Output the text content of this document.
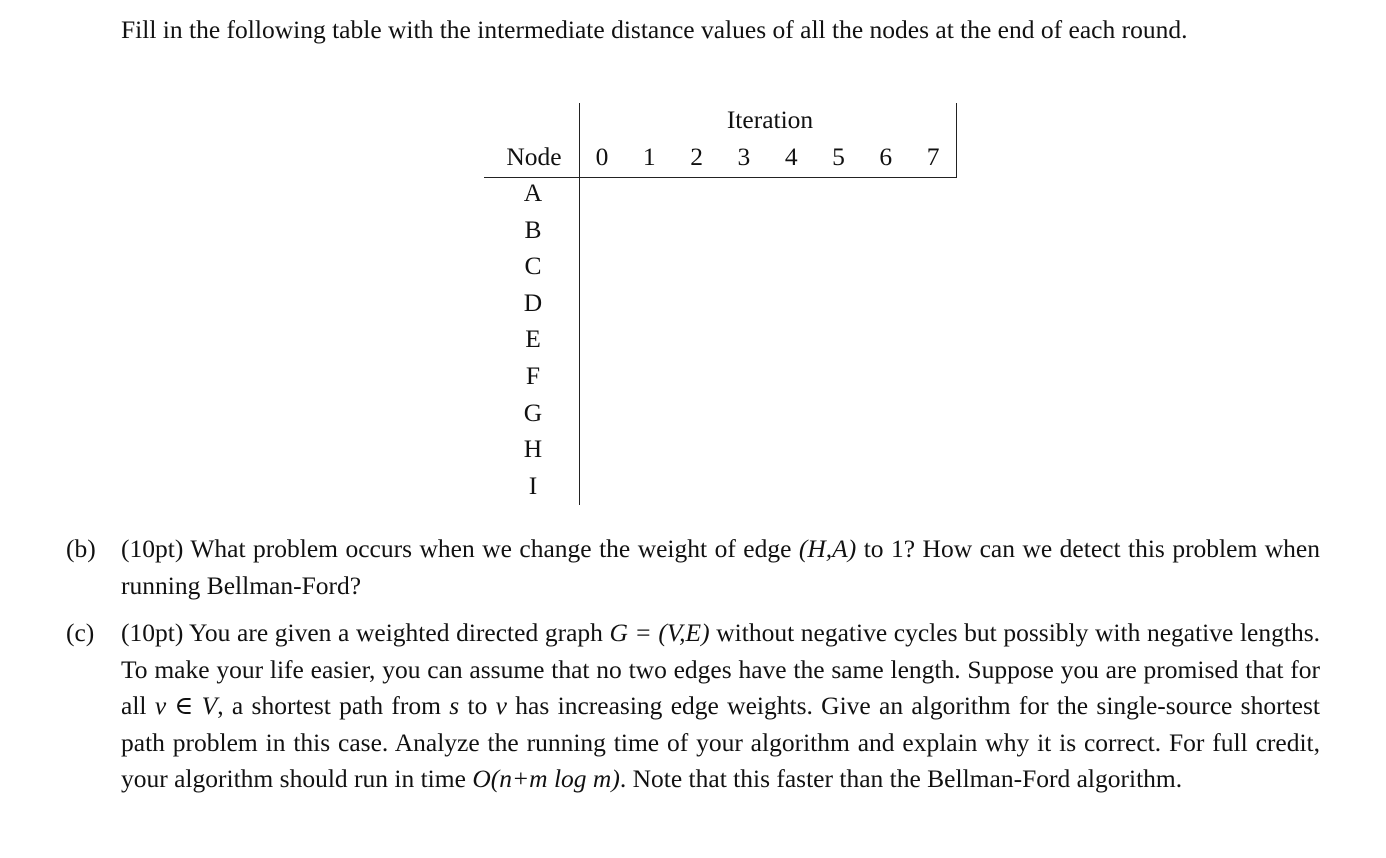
Fill in the following table with the intermediate distance values of all the nodes at the end of each round.
Iteration
Node	0 1 2 3 4 5 6 7
A
B
C
D
E
F
G
H
I
(b) (10pt) What problem occurs when we change the weight of edge (H,A) to 1? How can we detect this problem when running Bellman-Ford?
(c) (10pt) You are given a weighted directed graph G = (V,E) without negative cycles but possibly with negative lengths. To make your life easier, you can assume that no two edges have the same length. Suppose you are promised that for all v ∈ V, a shortest path from s to v has increasing edge weights. Give an algorithm for the single-source shortest path problem in this case. Analyze the running time of your algorithm and explain why it is correct. For full credit, your algorithm should run in time O(n+m log m). Note that this faster than the Bellman-Ford algorithm.
